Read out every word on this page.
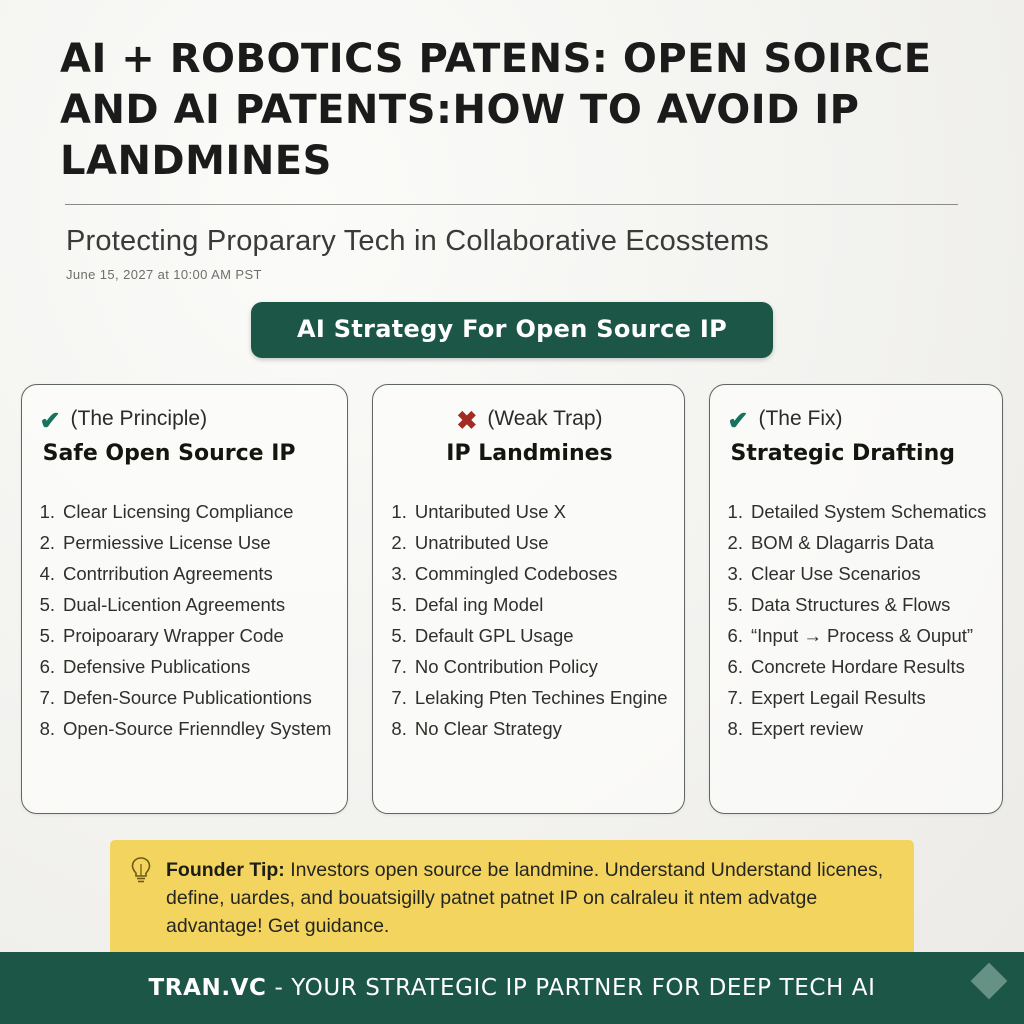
AI + ROBOTICS PATENS: OPEN SOIRCE AND AI PATENTS:HOW TO AVOID IP LANDMINES
Protecting Proparary Tech in Collaborative Ecosstems
June 15, 2027 at 10:00 AM PST
AI Strategy For Open Source IP
✔ (The Principle)
Safe Open Source IP
1. Clear Licensing Compliance
2. Permiessive License Use
4. Contrribution Agreements
5. Dual-Licention Agreements
5. Proipoarary Wrapper Code
6. Defensive Publications
7. Defen-Source Publicationtions
8. Open-Source Frienndley System
✖ (Weak Trap)
IP Landmines
1. Untaributed Use X
2. Unatributed Use
3. Commingled Codeboses
5. Defal ing Model
5. Default GPL Usage
7. No Contribution Policy
7. Lelaking Pten Techines Engine
8. No Clear Strategy
✔ (The Fix)
Strategic Drafting
1. Detailed System Schematics
2. BOM & Dlagarris Data
3. Clear Use Scenarios
5. Data Structures & Flows
6. “Input → Process & Ouput”
6. Concrete Hordare Results
7. Expert Legail Results
8. Expert review
Founder Tip: Investors open source be landmine. Understand Understand licenes, define, uardes, and bouatsigilly patnet patnet IP on calraleu it ntem advatge advantage! Get guidance.
TRAN.VC - YOUR STRATEGIC IP PARTNER FOR DEEP TECH AI
